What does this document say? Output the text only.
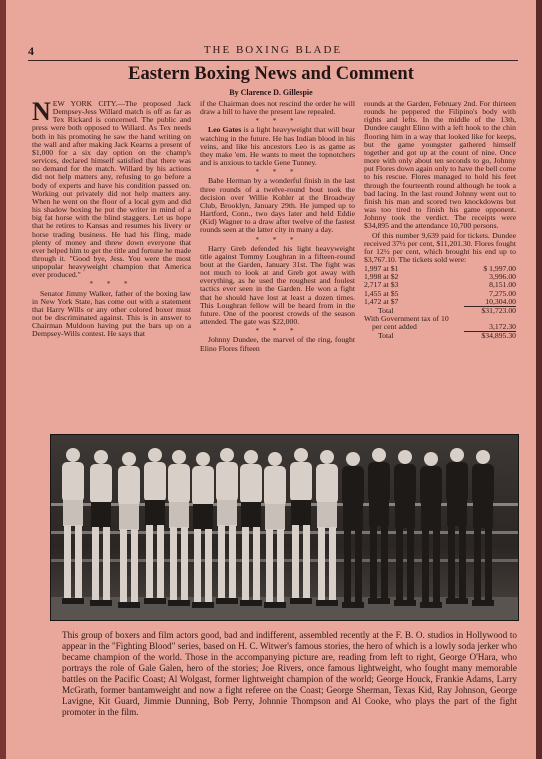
4	THE BOXING BLADE
Eastern Boxing News and Comment
By Clarence D. Gillespie

NEW YORK CITY.—The proposed Jack Dempsey-Jess Willard match is off as far as Tex Rickard is concerned. The public and press were both opposed to Willard. As Tex needs both in his promoting he saw the hand writing on the wall and after making Jack Kearns a present of $1,000 for a six day option on the champ's services, declared himself satisfied that there was no demand for the match. Willard by his actions did not help matters any, refusing to go before a body of experts and have his condition passed on. Working out privately did not help matters any. When he went on the floor of a local gym and did his shadow boxing he put the writer in mind of a big fat horse with the blind staggers. Let us hope that he retires to Kansas and resumes his livery or horse trading business. He had his fling, made plenty of money and threw down everyone that ever helped him to get the title and fortune he made through it. "Good bye, Jess. You were the most unpopular heavyweight champion that America ever produced."

* * *

Senator Jimmy Walker, father of the boxing law in New York State, has come out with a statement that Harry Wills or any other colored boxer must not be discriminated against. This is in answer to Chairman Muldoon having put the bars up on a Dempsey-Wills contest. He says that

if the Chairman does not rescind the order he will draw a bill to have the present law repealed.

* * *

Leo Gates is a light heavyweight that will bear watching in the future. He has Indian blood in his veins, and like his ancestors Leo is as game as they make 'em. He wants to meet the topnotchers and is anxious to tackle Gene Tunney.

* * *

Babe Herman by a wonderful finish in the last three rounds of a twelve-round bout took the decision over Willie Kohler at the Broadway Club, Brooklyn, January 29th. He jumped up to Hartford, Conn., two days later and held Eddie (Kid) Wagner to a draw after twelve of the fastest rounds seen at the latter city in many a day.

* * *

Harry Greb defended his light heavyweight title against Tommy Loughran in a fifteen-round bout at the Garden, January 31st. The fight was not much to look at and Greb got away with everything, as he used the roughest and foulest tactics ever seen in the Garden. He won a fight that he should have lost at least a dozen times. This Loughran fellow will be heard from in the future. One of the poorest crowds of the season attended. The gate was $22,000.

* * *

Johnny Dundee, the marvel of the ring, fought Elino Flores fifteen

rounds at the Garden, February 2nd. For thirteen rounds he peppered the Filipino's body with rights and lefts. In the middle of the 13th, Dundee caught Elino with a left hook to the chin flooring him in a way that looked like for keeps, but the game youngster gathered himself together and got up at the count of nine. Once more with only about ten seconds to go, Johnny put Flores down again only to have the bell come to his rescue. Flores managed to hold his feet through the fourteenth round although he took a bad lacing. In the last round Johnny went out to finish his man and scored two knockdowns but was too tired to finish his game opponent. Johnny took the verdict. The receipts were $34,895 and the attendance 10,700 persons.

Of this number 9,639 paid for tickets. Dundee received 37½ per cent, $11,201.30. Flores fought for 12½ per cent, which brought his end up to $3,767.10. The tickets sold were:

1,997 at $1	$ 1,997.00
1,998 at $2	3,996.00
2,717 at $3	8,151.00
1,455 at $5	7,275.00
1,472 at $7	10,304.00
Total	$31,723.00
With Government tax of 10
per cent added	3,172.30
Total	$34,895.30
This group of boxers and film actors good, bad and indifferent, assembled recently at the F. B. O. studios in Hollywood to appear in the "Fighting Blood" series, based on H. C. Witwer's famous stories, the hero of which is a lowly soda jerker who became champion of the world. Those in the accompanying picture are, reading from left to right, George O'Hara, who portrays the role of Gale Galen, hero of the stories; Joe Rivers, once famous lightweight, who fought many memorable battles on the Pacific Coast; Al Wolgast, former lightweight champion of the world; George Houck, Frankie Adams, Larry McGrath, former bantamweight and now a fight referee on the Coast; George Sherman, Texas Kid, Ray Johnson, George Lavigne, Kit Guard, Jimmie Dunning, Bob Perry, Johnnie Thompson and Al Cooke, who plays the part of the fight promoter in the film.
